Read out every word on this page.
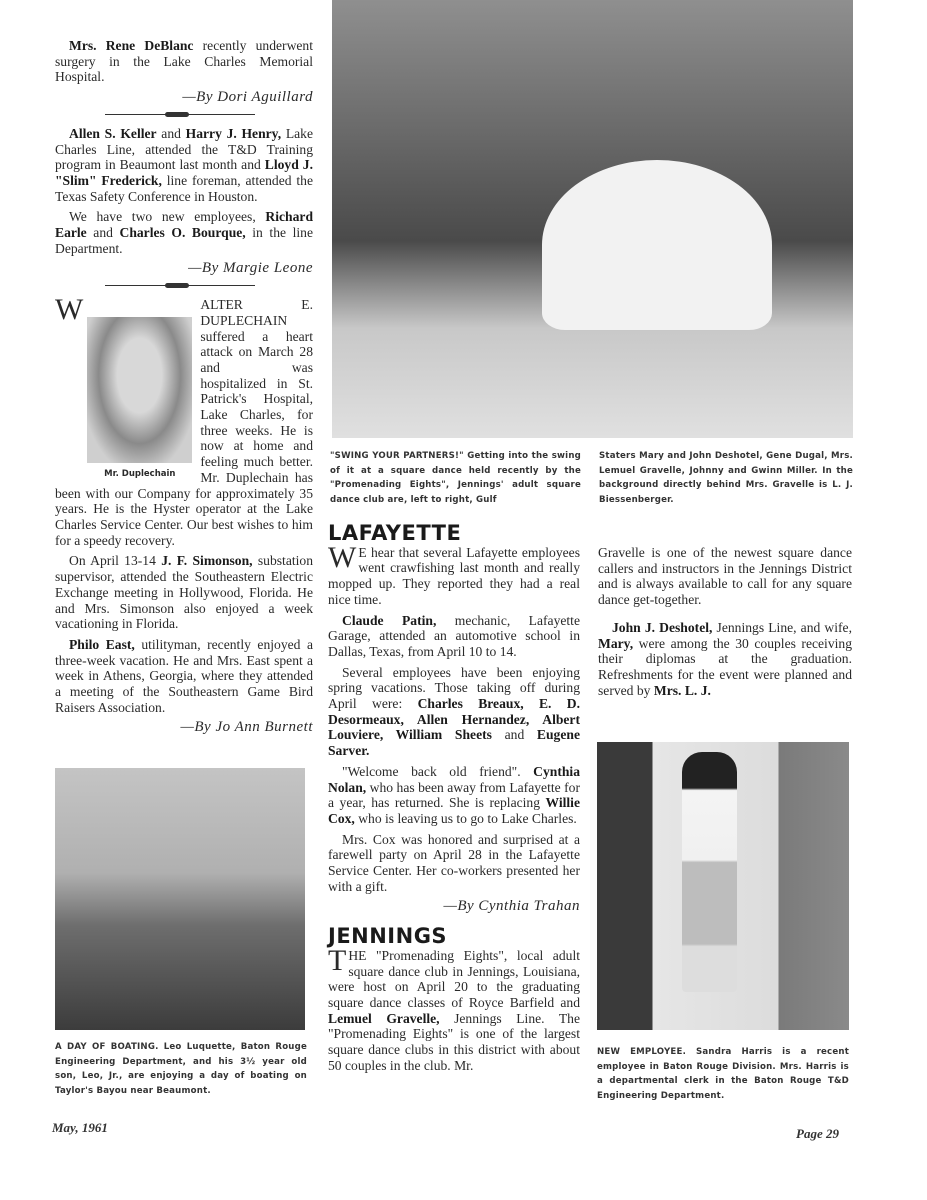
Mrs. Rene DeBlanc recently underwent surgery in the Lake Charles Memorial Hospital.

—By Dori Aguillard

Allen S. Keller and Harry J. Henry, Lake Charles Line, attended the T&D Training program in Beaumont last month and Lloyd J. "Slim" Frederick, line foreman, attended the Texas Safety Conference in Houston.

We have two new employees, Richard Earle and Charles O. Bourque, in the line Department.

—By Margie Leone

W
Mr. Duplechain
ALTER E. DUPLECHAIN suffered a heart attack on March 28 and was hospitalized in St. Patrick's Hospital, Lake Charles, for three weeks. He is now at home and feeling much better. Mr. Duplechain has been with our Company for approximately 35 years. He is the Hyster operator at the Lake Charles Service Center. Our best wishes to him for a speedy recovery.

On April 13-14 J. F. Simonson, substation supervisor, attended the Southeastern Electric Exchange meeting in Hollywood, Florida. He and Mrs. Simonson also enjoyed a week vacationing in Florida.

Philo East, utilityman, recently enjoyed a three-week vacation. He and Mrs. East spent a week in Athens, Georgia, where they attended a meeting of the Southeastern Game Bird Raisers Association.

—By Jo Ann Burnett
A DAY OF BOATING. Leo Luquette, Baton Rouge Engineering Department, and his 3½ year old son, Leo, Jr., are enjoying a day of boating on Taylor's Bayou near Beaumont.
"SWING YOUR PARTNERS!" Getting into the swing of it at a square dance held recently by the "Promenading Eights", Jennings' adult square dance club are, left to right, Gulf
Staters Mary and John Deshotel, Gene Dugal, Mrs. Lemuel Gravelle, Johnny and Gwinn Miller. In the background directly behind Mrs. Gravelle is L. J. Biessenberger.
LAFAYETTE

W E hear that several Lafayette employees went crawfishing last month and really mopped up. They reported they had a real nice time.

Claude Patin, mechanic, Lafayette Garage, attended an automotive school in Dallas, Texas, from April 10 to 14.

Several employees have been enjoying spring vacations. Those taking off during April were: Charles Breaux, E. D. Desormeaux, Allen Hernandez, Albert Louviere, William Sheets and Eugene Sarver.

"Welcome back old friend". Cynthia Nolan, who has been away from Lafayette for a year, has returned. She is replacing Willie Cox, who is leaving us to go to Lake Charles.

Mrs. Cox was honored and surprised at a farewell party on April 28 in the Lafayette Service Center. Her co-workers presented her with a gift.

—By Cynthia Trahan
JENNINGS

THE "Promenading Eights", local adult square dance club in Jennings, Louisiana, were host on April 20 to the graduating square dance classes of Royce Barfield and Lemuel Gravelle, Jennings Line. The "Promenading Eights" is one of the largest square dance clubs in this district with about 50 couples in the club. Mr.

Gravelle is one of the newest square dance callers and instructors in the Jennings District and is always available to call for any square dance get-together.

John J. Deshotel, Jennings Line, and wife, Mary, were among the 30 couples receiving their diplomas at the graduation. Refreshments for the event were planned and served by Mrs. L. J.

NEW EMPLOYEE. Sandra Harris is a recent employee in Baton Rouge Division. Mrs. Harris is a departmental clerk in the Baton Rouge T&D Engineering Department.
May, 1961	Page 29
